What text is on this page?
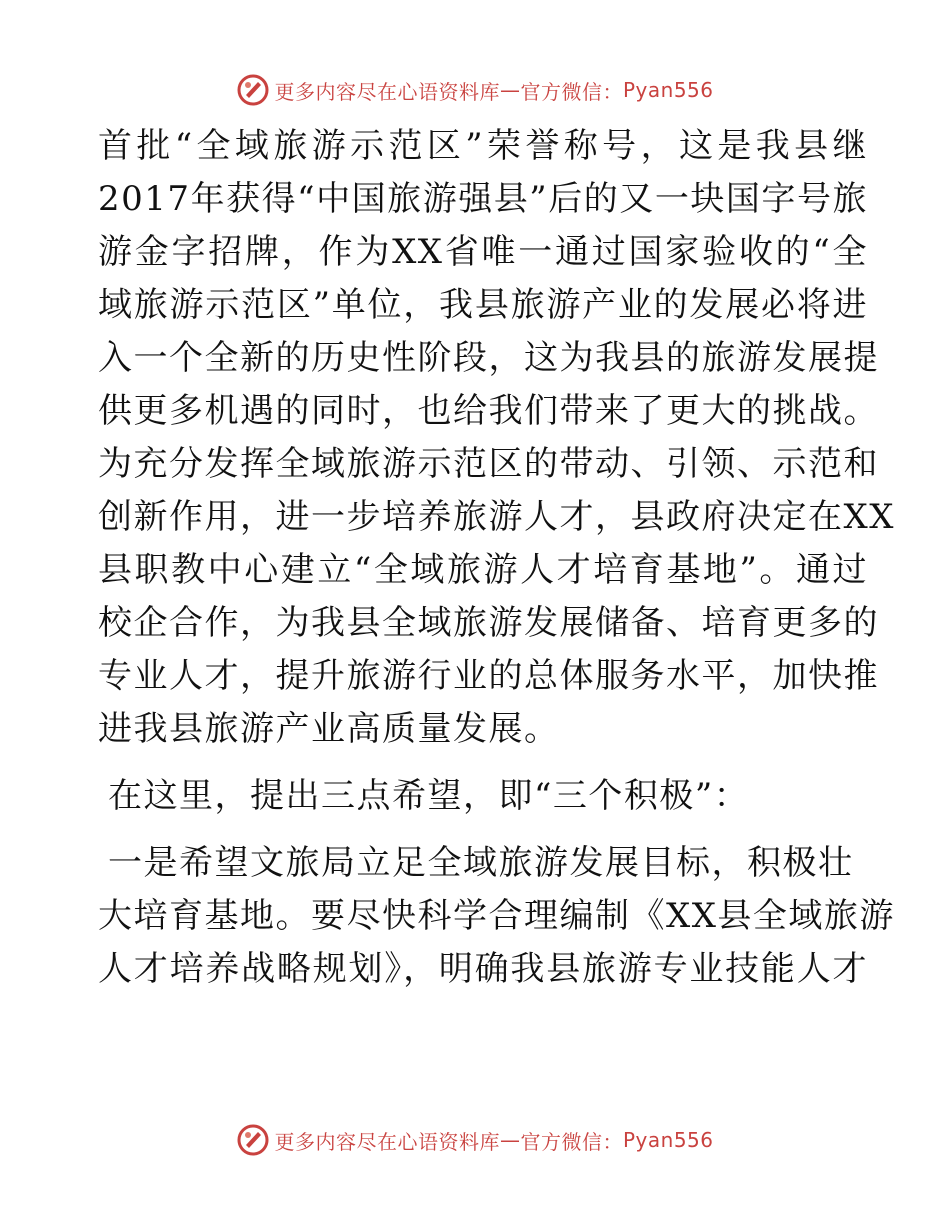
更多内容尽在心语资料库 — 官方微信： Pyan556
首批“全域旅游示范区”荣誉称号，这是我县继
2017年获得“中国旅游强县”后的又一块国字号旅
游金字招牌，作为XX省唯一通过国家验收的“全
域旅游示范区”单位，我县旅游产业的发展必将进
入一个全新的历史性阶段，这为我县的旅游发展提
供更多机遇的同时，也给我们带来了更大的挑战。
为充分发挥全域旅游示范区的带动、引领、示范和
创新作用，进一步培养旅游人才，县政府决定在XX
县职教中心建立“全域旅游人才培育基地”。通过
校企合作，为我县全域旅游发展储备、培育更多的
专业人才，提升旅游行业的总体服务水平，加快推
进我县旅游产业高质量发展。
在这里，提出三点希望，即“三个积极”：
一是希望文旅局立足全域旅游发展目标，积极壮
大培育基地。要尽快科学合理编制《XX县全域旅游
人才培养战略规划》，明确我县旅游专业技能人才
更多内容尽在心语资料库 — 官方微信： Pyan556
